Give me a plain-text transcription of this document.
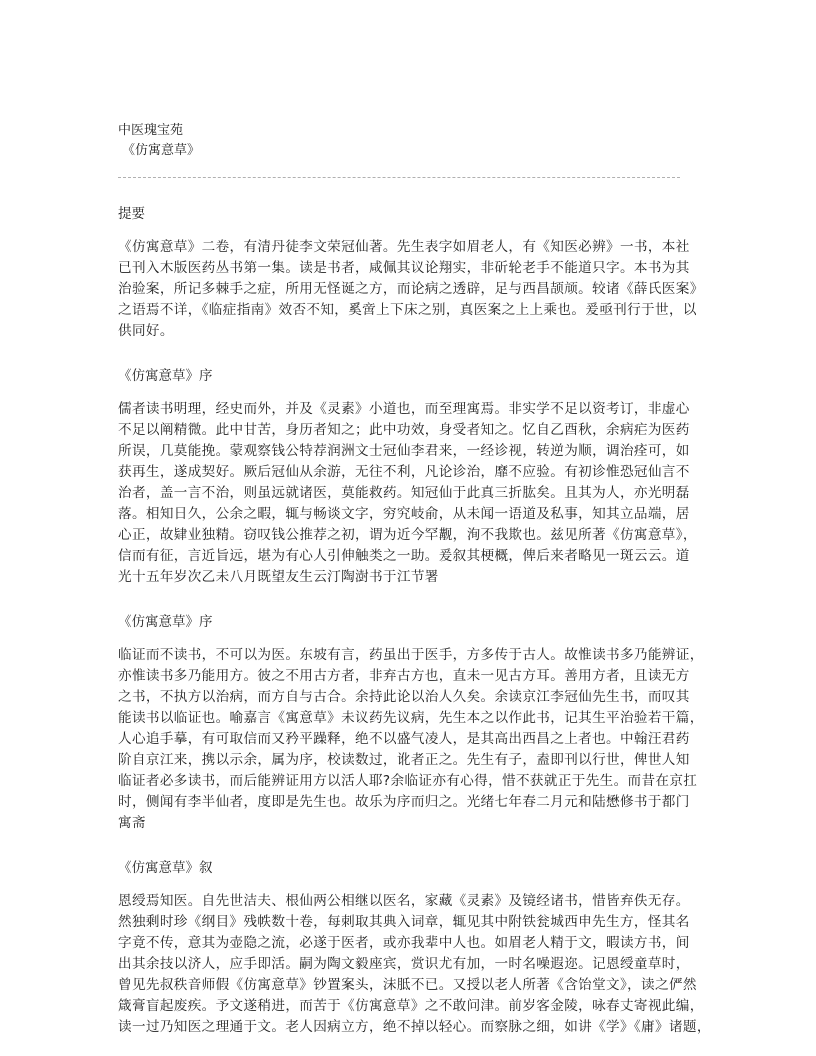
中医瑰宝苑
《仿寓意草》
提要
《仿寓意草》二卷，有清丹徒李文荣冠仙著。先生表字如眉老人，有《知医必辨》一书，本社
已刊入木版医药丛书第一集。读是书者，咸佩其议论翔实，非斫轮老手不能道只字。本书为其
治验案，所记多棘手之症，所用无怪诞之方，而论病之透辟，足与西昌颉颃。较诸《薛氏医案》
之语焉不详，《临症指南》效否不知，奚啻上下床之别，真医案之上上乘也。爰亟刊行于世，以
供同好。
《仿寓意草》序
儒者读书明理，经史而外，并及《灵素》小道也，而至理寓焉。非实学不足以资考订，非虚心
不足以阐精微。此中甘苦，身历者知之；此中功效，身受者知之。忆自乙酉秋，余病疟为医药
所误，几莫能挽。蒙观察钱公特荐润洲文士冠仙李君来，一经诊视，转逆为顺，调治痊可，如
获再生，遂成契好。厥后冠仙从余游，无往不利，凡论诊治，靡不应验。有初诊惟恐冠仙言不
治者，盖一言不治，则虽远就诸医，莫能救药。知冠仙于此真三折肱矣。且其为人，亦光明磊
落。相知日久，公余之暇，辄与畅谈文字，穷究岐俞，从未闻一语道及私事，知其立品端，居
心正，故肄业独精。窃叹钱公推荐之初，谓为近今罕觏，洵不我欺也。兹见所著《仿寓意草》，
信而有征，言近旨远，堪为有心人引伸触类之一助。爰叙其梗概，俾后来者略见一斑云云。道
光十五年岁次乙未八月既望友生云汀陶澍书于江节署
《仿寓意草》序
临证而不读书，不可以为医。东坡有言，药虽出于医手，方多传于古人。故惟读书多乃能辨证，
亦惟读书多乃能用方。彼之不用古方者，非弃古方也，直未一见古方耳。善用方者，且读无方
之书，不执方以治病，而方自与古合。余持此论以治人久矣。余读京江李冠仙先生书，而叹其
能读书以临证也。喻嘉言《寓意草》未议药先议病，先生本之以作此书，记其生平治验若干篇，
人心追手摹，有可取信而又矜平躁释，绝不以盛气凌人，是其高出西昌之上者也。中翰汪君药
阶自京江来，携以示余，属为序，校读数过，讹者正之。先生有子，盍即刊以行世，俾世人知
临证者必多读书，而后能辨证用方以活人耶?余临证亦有心得，惜不获就正于先生。而昔在京扛
时，侧闻有李半仙者，度即是先生也。故乐为序而归之。光绪七年春二月元和陆懋修书于都门
寓斋
《仿寓意草》叙
恩绶焉知医。自先世洁夫、根仙两公相继以医名，家藏《灵素》及镜经诸书，惜皆弃佚无存。
然独剩时珍《纲目》残帙数十卷，每刺取其典入词章，辄见其中附铁瓮城西申先生方，怪其名
字竟不传，意其为壶隐之流，必遂于医者，或亦我辈中人也。如眉老人精于文，暇读方书，间
出其余技以济人，应手即活。嗣为陶文毅座宾，赏识尤有加，一时名噪遐迩。记恩绶童草时，
曾见先叔秩音师假《仿寓意草》钞置案头，沫胝不已。又授以老人所著《含饴堂文》，读之俨然
箴膏盲起废疾。予文遂稍进，而苦于《仿寓意草》之不敢问津。前岁客金陵，咏春丈寄视此编，
读一过乃知医之理通于文。老人因病立方，绝不掉以轻心。而察脉之细，如讲《学》《庸》诸题，
